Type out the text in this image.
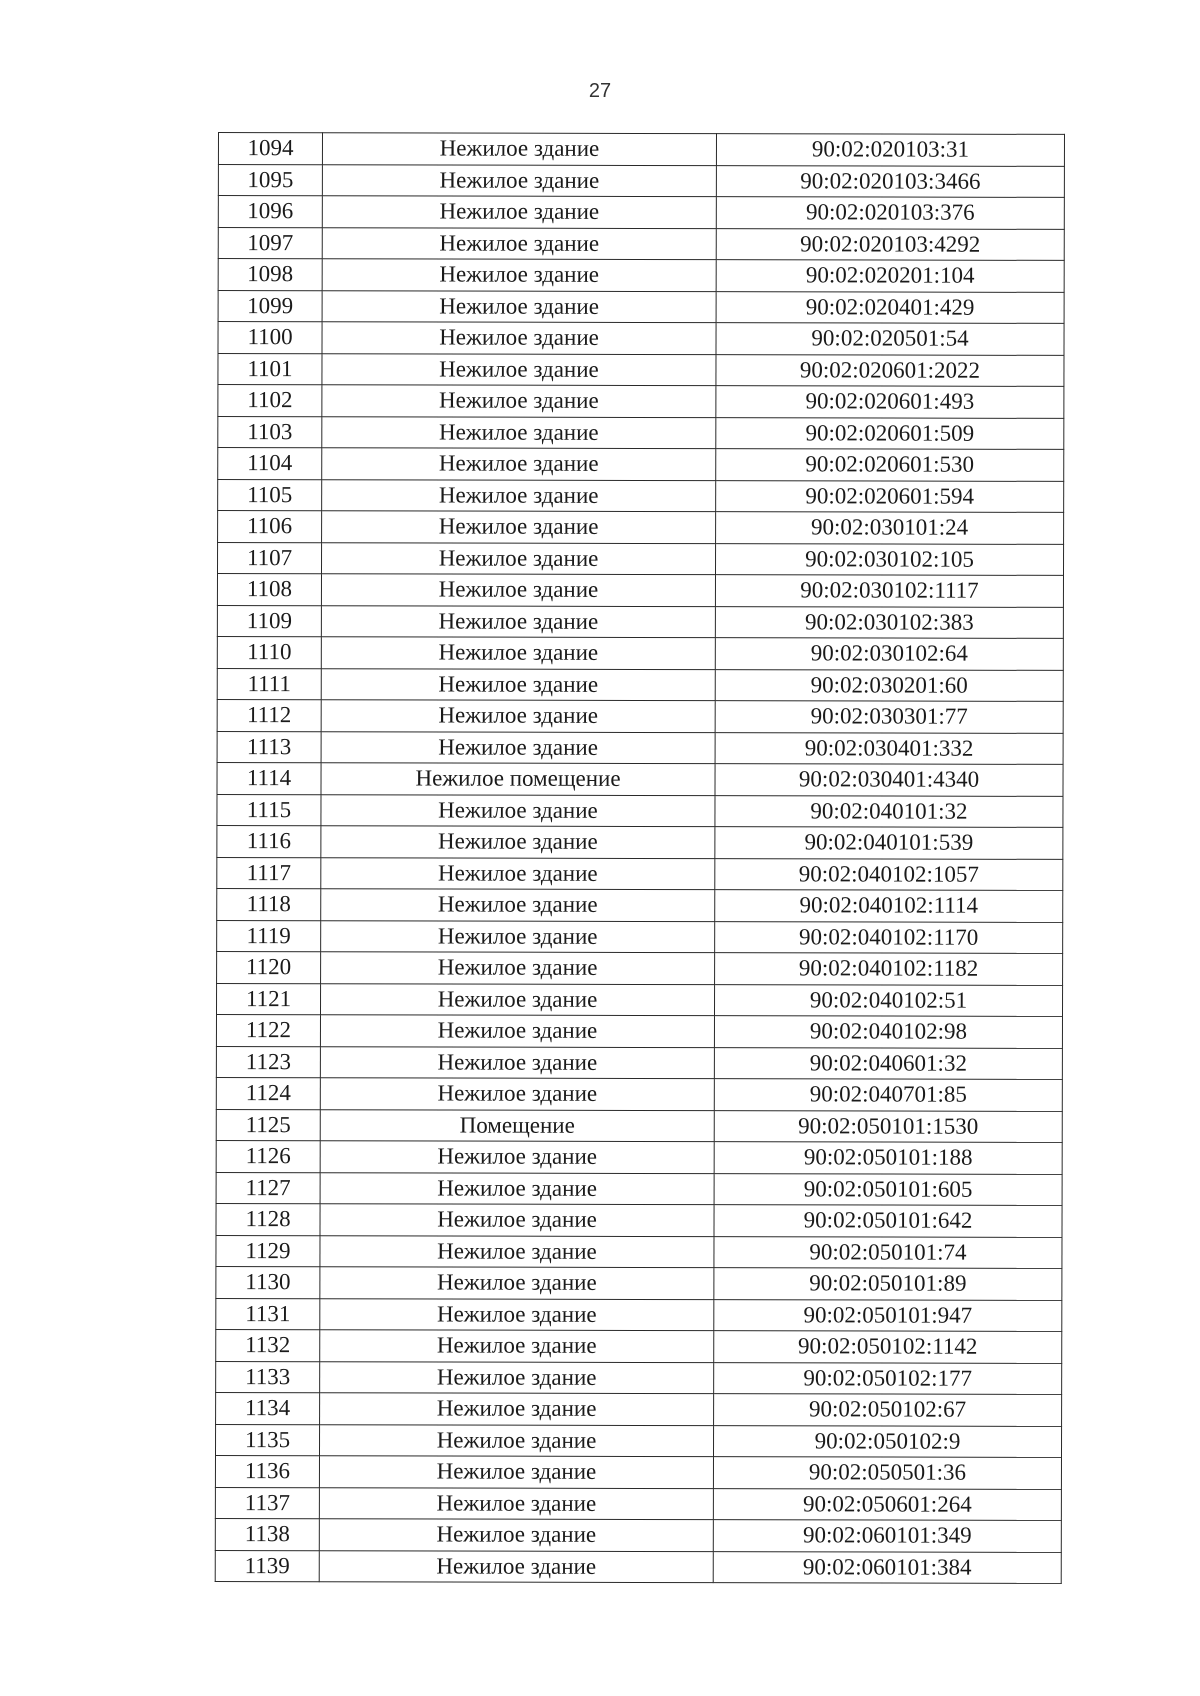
27
1094	Нежилое здание	90:02:020103:31
1095	Нежилое здание	90:02:020103:3466
1096	Нежилое здание	90:02:020103:376
1097	Нежилое здание	90:02:020103:4292
1098	Нежилое здание	90:02:020201:104
1099	Нежилое здание	90:02:020401:429
1100	Нежилое здание	90:02:020501:54
1101	Нежилое здание	90:02:020601:2022
1102	Нежилое здание	90:02:020601:493
1103	Нежилое здание	90:02:020601:509
1104	Нежилое здание	90:02:020601:530
1105	Нежилое здание	90:02:020601:594
1106	Нежилое здание	90:02:030101:24
1107	Нежилое здание	90:02:030102:105
1108	Нежилое здание	90:02:030102:1117
1109	Нежилое здание	90:02:030102:383
1110	Нежилое здание	90:02:030102:64
1111	Нежилое здание	90:02:030201:60
1112	Нежилое здание	90:02:030301:77
1113	Нежилое здание	90:02:030401:332
1114	Нежилое помещение	90:02:030401:4340
1115	Нежилое здание	90:02:040101:32
1116	Нежилое здание	90:02:040101:539
1117	Нежилое здание	90:02:040102:1057
1118	Нежилое здание	90:02:040102:1114
1119	Нежилое здание	90:02:040102:1170
1120	Нежилое здание	90:02:040102:1182
1121	Нежилое здание	90:02:040102:51
1122	Нежилое здание	90:02:040102:98
1123	Нежилое здание	90:02:040601:32
1124	Нежилое здание	90:02:040701:85
1125	Помещение	90:02:050101:1530
1126	Нежилое здание	90:02:050101:188
1127	Нежилое здание	90:02:050101:605
1128	Нежилое здание	90:02:050101:642
1129	Нежилое здание	90:02:050101:74
1130	Нежилое здание	90:02:050101:89
1131	Нежилое здание	90:02:050101:947
1132	Нежилое здание	90:02:050102:1142
1133	Нежилое здание	90:02:050102:177
1134	Нежилое здание	90:02:050102:67
1135	Нежилое здание	90:02:050102:9
1136	Нежилое здание	90:02:050501:36
1137	Нежилое здание	90:02:050601:264
1138	Нежилое здание	90:02:060101:349
1139	Нежилое здание	90:02:060101:384
